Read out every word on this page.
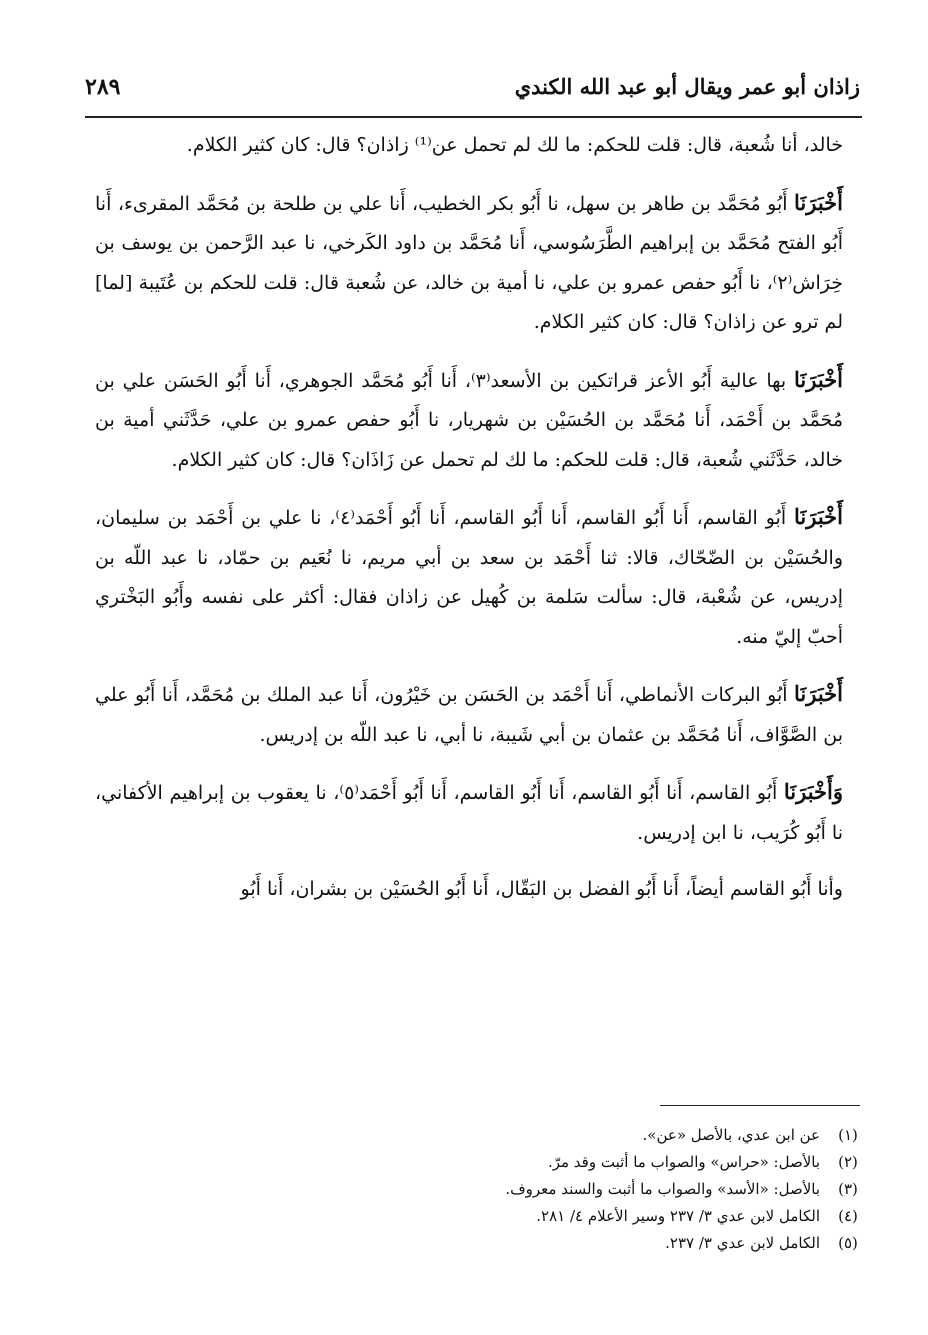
زاذان أبو عمر ويقال أبو عبد الله الكندي
٢٨٩

خالد، أنا شُعبة، قال: قلت للحكم: ما لك لم تحمل عن⁽¹⁾ زاذان؟ قال: كان كثير الكلام.

أَخْبَرَنَا أَبُو مُحَمَّد بن طاهر بن سهل، نا أَبُو بكر الخطيب، أَنا علي بن طلحة بن مُحَمَّد المقرىء، أَنا أَبُو الفتح مُحَمَّد بن إبراهيم الطَّرَسُوسي، أَنا مُحَمَّد بن داود الكَرخي، نا عبد الرَّحمن بن يوسف بن خِرَاش⁽٢⁾، نا أَبُو حفص عمرو بن علي، نا أمية بن خالد، عن شُعبة قال: قلت للحكم بن عُتَيبة [لما] لم ترو عن زاذان؟ قال: كان كثير الكلام.

أَخْبَرَنَا بها عالية أَبُو الأعز قراتكين بن الأسعد⁽٣⁾، أَنا أَبُو مُحَمَّد الجوهري، أَنا أَبُو الحَسَن علي بن مُحَمَّد بن أَحْمَد، أَنا مُحَمَّد بن الحُسَيْن بن شهريار، نا أَبُو حفص عمرو بن علي، حَدَّثَني أمية بن خالد، حَدَّثَني شُعبة، قال: قلت للحكم: ما لك لم تحمل عن زَاذَان؟ قال: كان كثير الكلام.

أَخْبَرَنَا أَبُو القاسم، أَنا أَبُو القاسم، أَنا أَبُو القاسم، أَنا أَبُو أَحْمَد⁽٤⁾، نا علي بن أَحْمَد بن سليمان، والحُسَيْن بن الضّحّاك، قالا: ثنا أَحْمَد بن سعد بن أبي مريم، نا نُعَيم بن حمّاد، نا عبد اللّه بن إدريس، عن شُعْبة، قال: سألت سَلمة بن كُهيل عن زاذان فقال: أكثر على نفسه وأَبُو البَخْتري أحبّ إليّ منه.

أَخْبَرَنَا أَبُو البركات الأنماطي، أَنا أَحْمَد بن الحَسَن بن خَيْرُون، أَنا عبد الملك بن مُحَمَّد، أَنا أَبُو علي بن الصَّوَّاف، أَنا مُحَمَّد بن عثمان بن أبي شَيبة، نا أبي، نا عبد اللّه بن إدريس.

وَأَخْبَرَنَا أَبُو القاسم، أَنا أَبُو القاسم، أَنا أَبُو القاسم، أَنا أَبُو أَحْمَد⁽٥⁾، نا يعقوب بن إبراهيم الأكفاني، نا أَبُو كُرَيب، نا ابن إدريس.

وأنا أَبُو القاسم أيضاً، أَنا أَبُو الفضل بن البَقّال، أَنا أَبُو الحُسَيْن بن بشران، أَنا أَبُو

(١)
عن ابن عدي، بالأصل «عن».
(٢)
بالأصل: «حراس» والصواب ما أثبت وقد مرّ.
(٣)
بالأصل: «الأسد» والصواب ما أثبت والسند معروف.
(٤)
الكامل لابن عدي ٣/ ٢٣٧ وسير الأعلام ٤/ ٢٨١.
(٥)
الكامل لابن عدي ٣/ ٢٣٧.
